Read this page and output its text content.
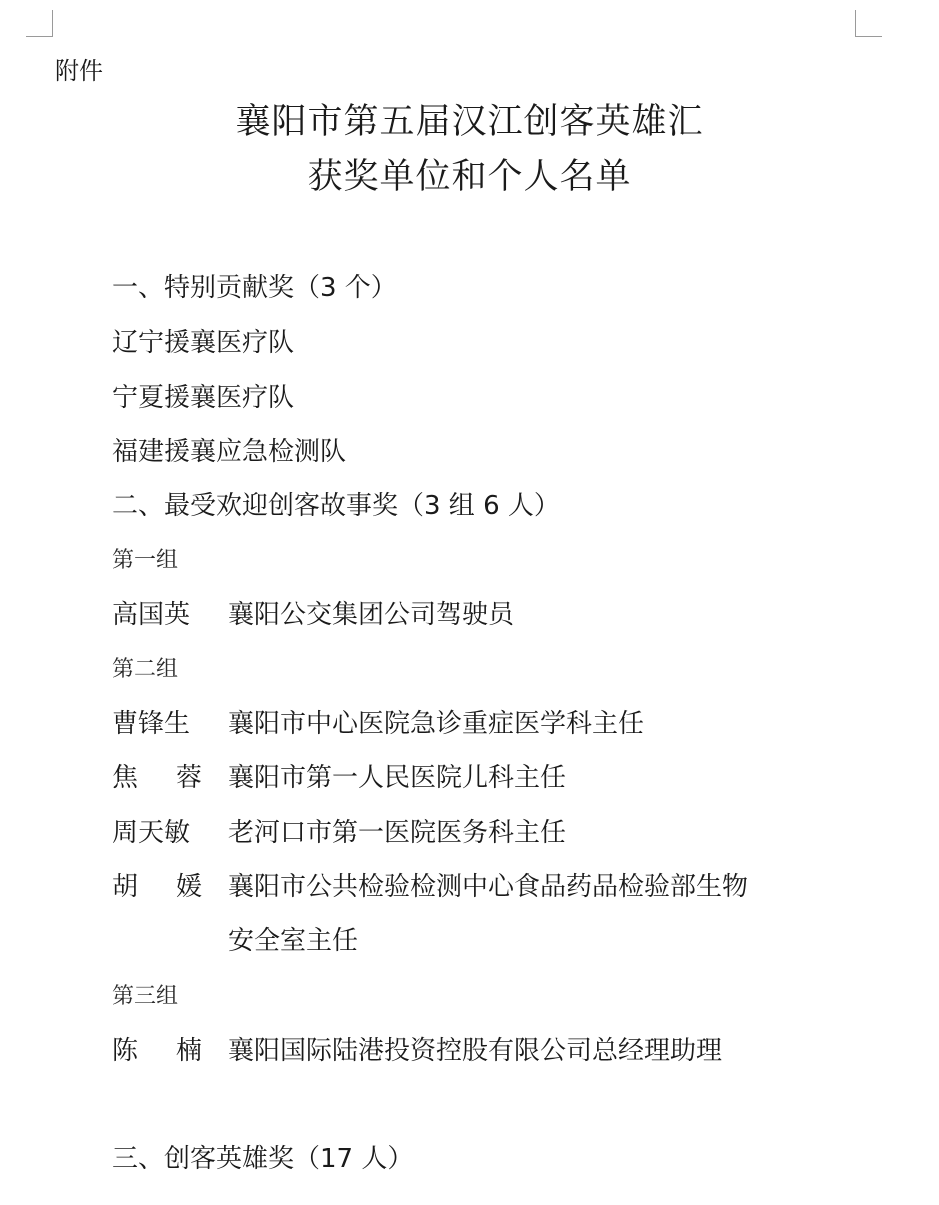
附件
襄阳市第五届汉江创客英雄汇
获奖单位和个人名单
一、特别贡献奖（3 个）
辽宁援襄医疗队
宁夏援襄医疗队
福建援襄应急检测队
二、最受欢迎创客故事奖（3 组 6 人）
第一组
高国英 襄阳公交集团公司驾驶员
第二组
曹锋生 襄阳市中心医院急诊重症医学科主任
焦 蓉 襄阳市第一人民医院儿科主任
周天敏 老河口市第一医院医务科主任
胡 媛 襄阳市公共检验检测中心食品药品检验部生物
安全室主任
第三组
陈 楠 襄阳国际陆港投资控股有限公司总经理助理
三、创客英雄奖（17 人）
